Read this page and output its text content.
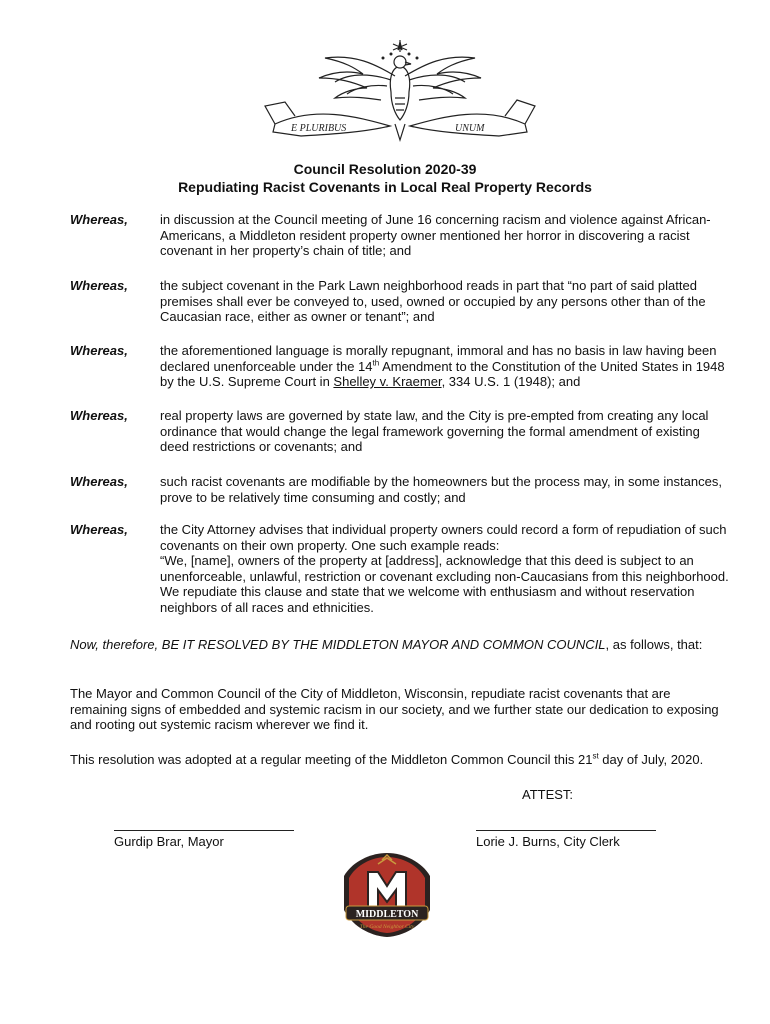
E PLURIBUS	UNUM
Council Resolution 2020-39
Repudiating Racist Covenants in Local Real Property Records
Whereas, in discussion at the Council meeting of June 16 concerning racism and violence against African-Americans, a Middleton resident property owner mentioned her horror in discovering a racist covenant in her property’s chain of title; and
Whereas, the subject covenant in the Park Lawn neighborhood reads in part that “no part of said platted premises shall ever be conveyed to, used, owned or occupied by any persons other than of the Caucasian race, either as owner or tenant”; and
Whereas, the aforementioned language is morally repugnant, immoral and has no basis in law having been declared unenforceable under the 14th Amendment to the Constitution of the United States in 1948 by the U.S. Supreme Court in Shelley v. Kraemer, 334 U.S. 1 (1948); and
Whereas, real property laws are governed by state law, and the City is pre-empted from creating any local ordinance that would change the legal framework governing the formal amendment of existing deed restrictions or covenants; and
Whereas, such racist covenants are modifiable by the homeowners but the process may, in some instances, prove to be relatively time consuming and costly; and
Whereas, the City Attorney advises that individual property owners could record a form of repudiation of such covenants on their own property. One such example reads:
“We, [name], owners of the property at [address], acknowledge that this deed is subject to an unenforceable, unlawful, restriction or covenant excluding non-Caucasians from this neighborhood. We repudiate this clause and state that we welcome with enthusiasm and without reservation neighbors of all races and ethnicities.
Now, therefore, BE IT RESOLVED BY THE MIDDLETON MAYOR AND COMMON COUNCIL, as follows, that:
The Mayor and Common Council of the City of Middleton, Wisconsin, repudiate racist covenants that are remaining signs of embedded and systemic racism in our society, and we further state our dedication to exposing and rooting out systemic racism wherever we find it.
This resolution was adopted at a regular meeting of the Middleton Common Council this 21st day of July, 2020.
ATTEST:
Gurdip Brar, Mayor	Lorie J. Burns, City Clerk
MIDDLETON
The Good Neighbor City
